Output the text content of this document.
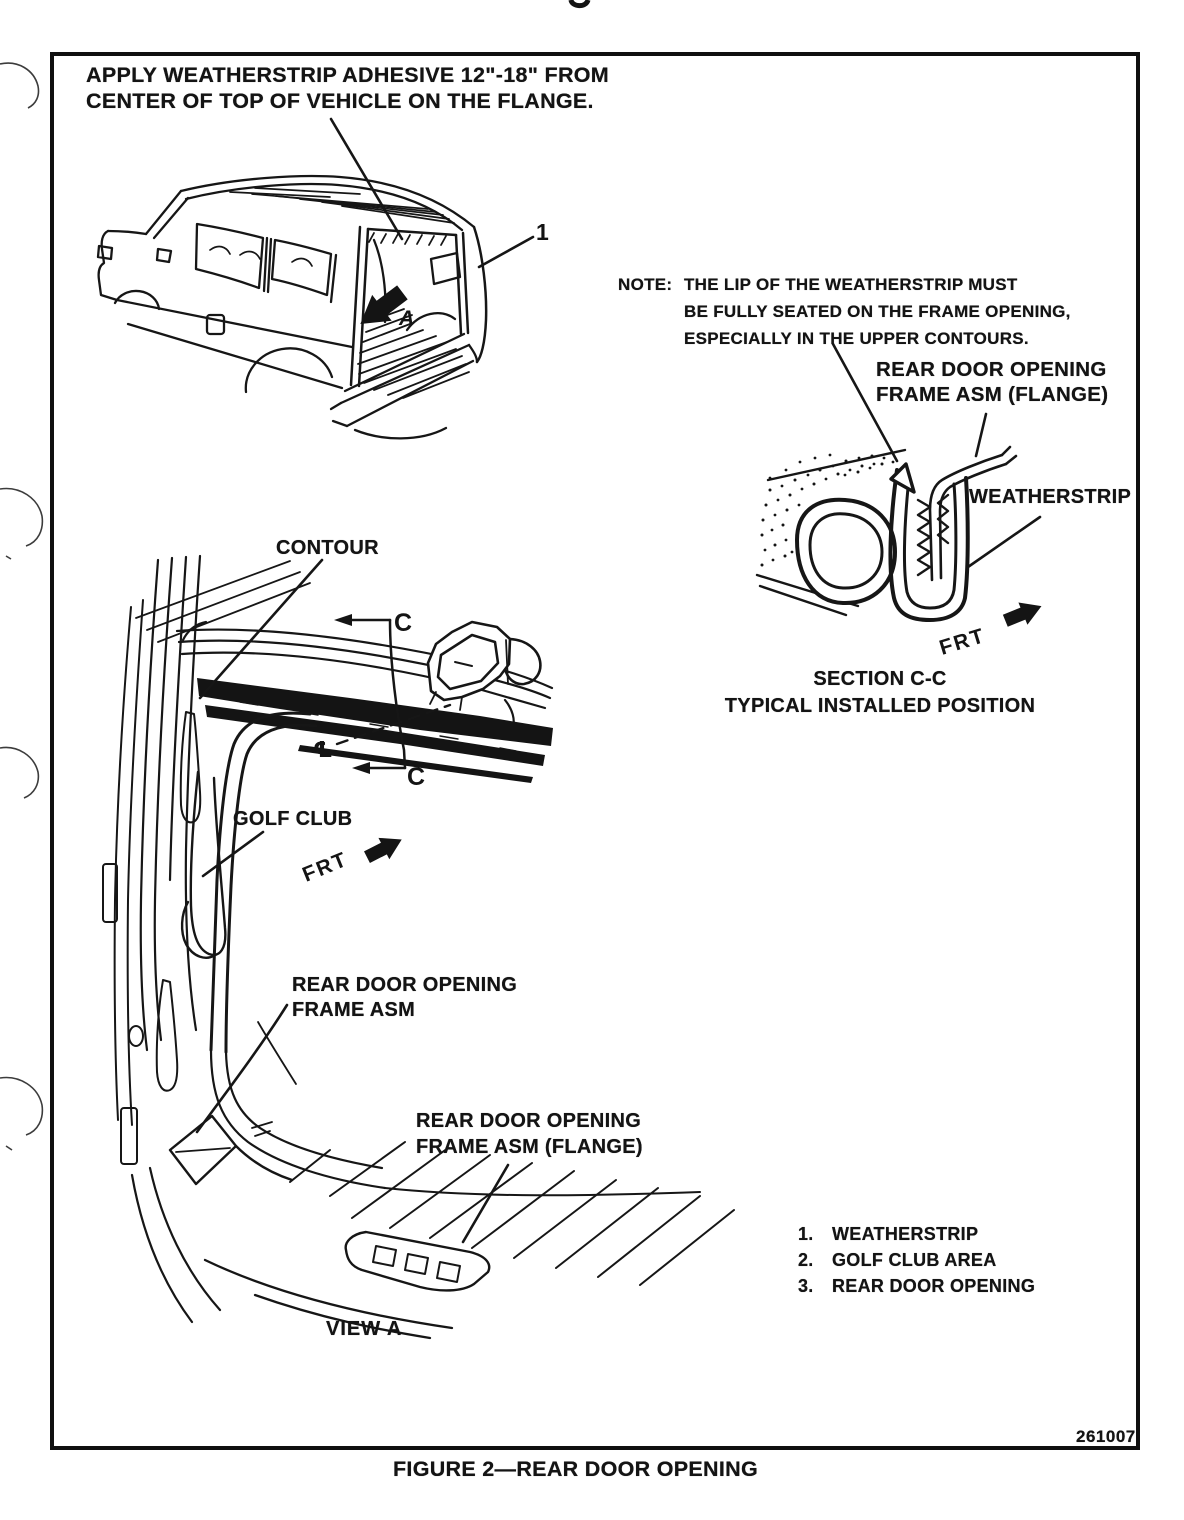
A
1
C
C
℄
FRT
FRT
APPLY WEATHERSTRIP ADHESIVE 12"-18" FROM
CENTER OF TOP OF VEHICLE ON THE FLANGE.
NOTE: THE LIP OF THE WEATHERSTRIP MUST
BE FULLY SEATED ON THE FRAME OPENING,
ESPECIALLY IN THE UPPER CONTOURS.
REAR DOOR OPENING
FRAME ASM (FLANGE)
WEATHERSTRIP
SECTION C-C
TYPICAL INSTALLED POSITION
CONTOUR
GOLF CLUB
REAR DOOR OPENING
FRAME ASM
REAR DOOR OPENING
FRAME ASM (FLANGE)
1.	WEATHERSTRIP
2.	GOLF CLUB AREA
3.	REAR DOOR OPENING
VIEW A
261007
FIGURE 2—REAR DOOR OPENING
